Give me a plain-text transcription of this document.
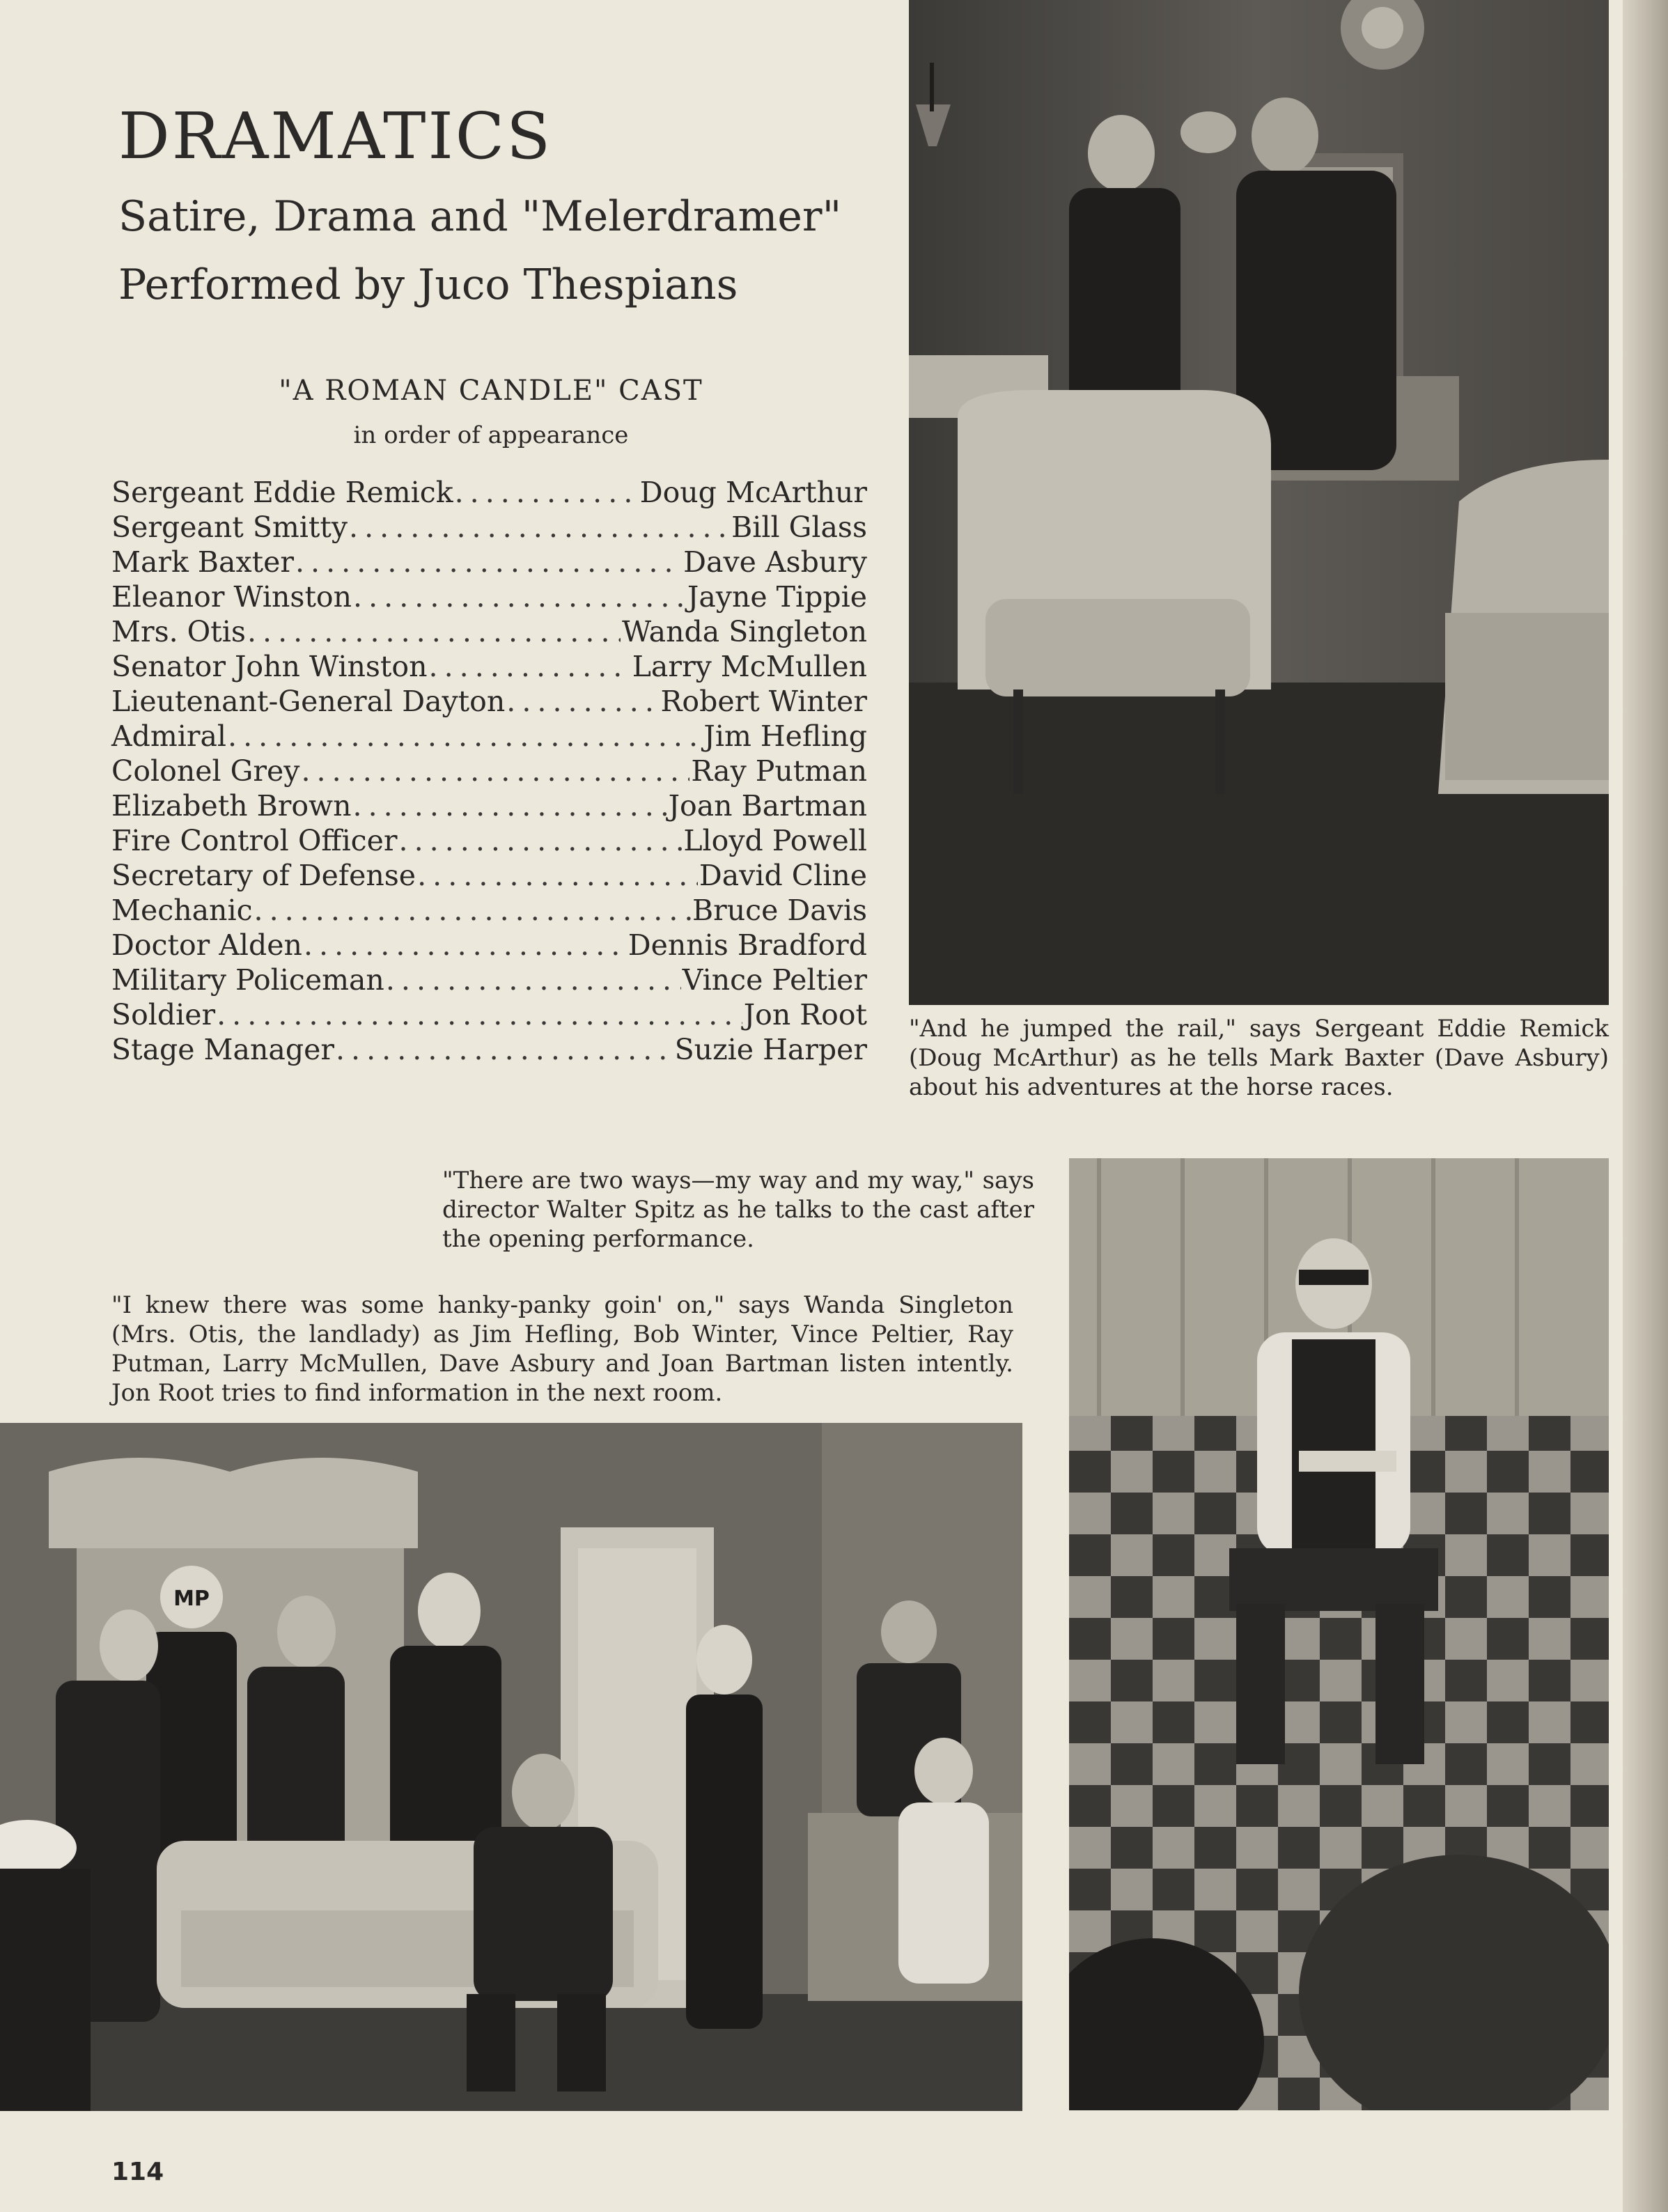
DRAMATICS
Satire, Drama and "Melerdramer"
Performed by Juco Thespians

"A ROMAN CANDLE" CAST

in order of appearance

Sergeant Eddie Remick . . .	Doug McArthur
Sergeant Smitty . . .	Bill Glass
Mark Baxter . . .	Dave Asbury
Eleanor Winston . . .	Jayne Tippie
Mrs. Otis . . .	Wanda Singleton
Senator John Winston . . .	Larry McMullen
Lieutenant-General Dayton . . .	Robert Winter
Admiral . . .	Jim Hefling
Colonel Grey . . .	Ray Putman
Elizabeth Brown . . .	Joan Bartman
Fire Control Officer . . .	Lloyd Powell
Secretary of Defense . . .	David Cline
Mechanic . . .	Bruce Davis
Doctor Alden . . .	Dennis Bradford
Military Policeman . . .	Vince Peltier
Soldier . . .	Jon Root
Stage Manager . . .	Suzie Harper

"And he jumped the rail," says Sergeant Eddie Remick (Doug McArthur) as he tells Mark Baxter (Dave Asbury) about his adventures at the horse races.

"There are two ways—my way and my way," says director Walter Spitz as he talks to the cast after the opening performance.

"I knew there was some hanky-panky goin' on," says Wanda Singleton (Mrs. Otis, the landlady) as Jim Hefling, Bob Winter, Vince Peltier, Ray Putman, Larry McMullen, Dave Asbury and Joan Bartman listen intently. Jon Root tries to find information in the next room.

MP

114
